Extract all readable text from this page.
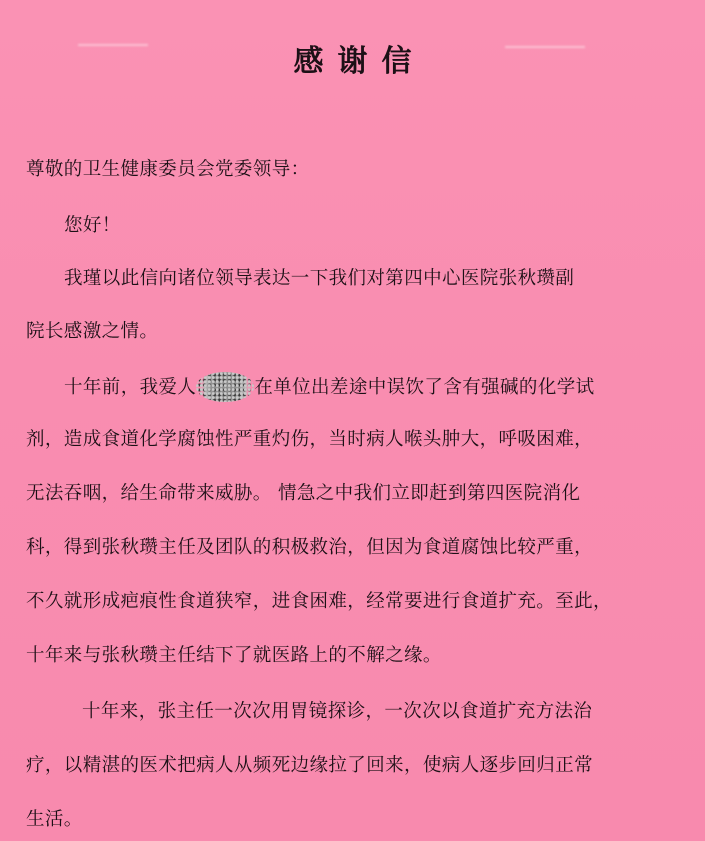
感谢信
尊敬的卫生健康委员会党委领导：
您好！
我瑾以此信向诸位领导表达一下我们对第四中心医院张秋瓒副
院长感激之情。
十年前，我爱人	在单位出差途中误饮了含有强碱的化学试
剂，造成食道化学腐蚀性严重灼伤，当时病人喉头肿大，呼吸困难，
无法吞咽，给生命带来威胁。 情急之中我们立即赶到第四医院消化
科，得到张秋瓒主任及团队的积极救治，但因为食道腐蚀比较严重，
不久就形成疤痕性食道狭窄，进食困难，经常要进行食道扩充。至此，
十年来与张秋瓒主任结下了就医路上的不解之缘。
十年来，张主任一次次用胃镜探诊，一次次以食道扩充方法治
疗，以精湛的医术把病人从频死边缘拉了回来，使病人逐步回归正常
生活。
